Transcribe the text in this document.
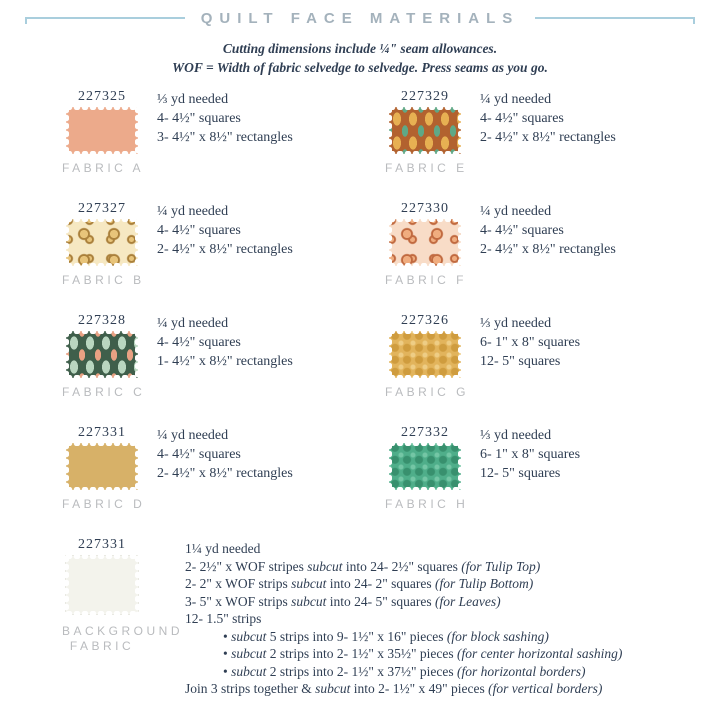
QUILT FACE MATERIALS
Cutting dimensions include ¼" seam allowances.
WOF = Width of fabric selvedge to selvedge. Press seams as you go.
227325
FABRIC A
⅓ yd needed
4- 4½" squares
3- 4½" x 8½" rectangles
227327
FABRIC B
¼ yd needed
4- 4½" squares
2- 4½" x 8½" rectangles
227328
FABRIC C
¼ yd needed
4- 4½" squares
1- 4½" x 8½" rectangles
227331
FABRIC D
¼ yd needed
4- 4½" squares
2- 4½" x 8½" rectangles
227329
FABRIC E
¼ yd needed
4- 4½" squares
2- 4½" x 8½" rectangles
227330
FABRIC F
¼ yd needed
4- 4½" squares
2- 4½" x 8½" rectangles
227326
FABRIC G
⅓ yd needed
6- 1" x 8" squares
12- 5" squares
227332
FABRIC H
⅓ yd needed
6- 1" x 8" squares
12- 5" squares
227331
BACKGROUND
FABRIC
1¼ yd needed
2- 2½" x WOF stripes subcut into 24- 2½" squares (for Tulip Top)
2- 2" x WOF strips subcut into 24- 2" squares (for Tulip Bottom)
3- 5" x WOF strips subcut into 24- 5" squares (for Leaves)
12- 1.5" strips
• subcut 5 strips into 9- 1½" x 16" pieces (for block sashing)
• subcut 2 strips into 2- 1½" x 35½" pieces (for center horizontal sashing)
• subcut 2 strips into 2- 1½" x 37½" pieces (for horizontal borders)
Join 3 strips together & subcut into 2- 1½" x 49" pieces (for vertical borders)
